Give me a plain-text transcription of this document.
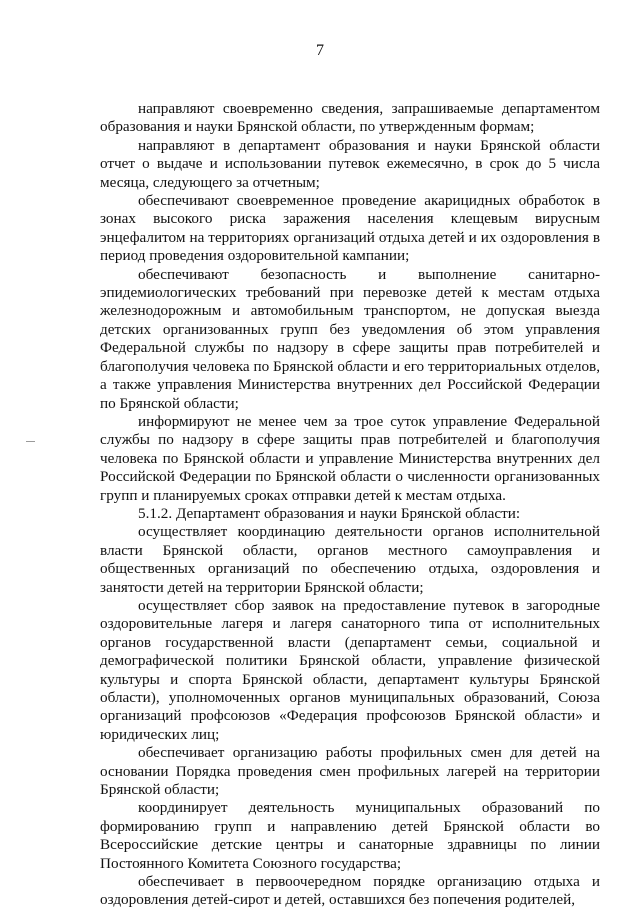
7

направляют своевременно сведения, запрашиваемые департаментом образования и науки Брянской области, по утвержденным формам;

направляют в департамент образования и науки Брянской области отчет о выдаче и использовании путевок ежемесячно, в срок до 5 числа месяца, следующего за отчетным;

обеспечивают своевременное проведение акарицидных обработок в зонах высокого риска заражения населения клещевым вирусным энцефалитом на территориях организаций отдыха детей и их оздоровления в период проведения оздоровительной кампании;

обеспечивают безопасность и выполнение санитарно-эпидемиологических требований при перевозке детей к местам отдыха железнодорожным и автомобильным транспортом, не допуская выезда детских организованных групп без уведомления об этом управления Федеральной службы по надзору в сфере защиты прав потребителей и благополучия человека по Брянской области и его территориальных отделов, а также управления Министерства внутренних дел Российской Федерации по Брянской области;

информируют не менее чем за трое суток управление Федеральной службы по надзору в сфере защиты прав потребителей и благополучия человека по Брянской области и управление Министерства внутренних дел Российской Федерации по Брянской области о численности организованных групп и планируемых сроках отправки детей к местам отдыха.

5.1.2. Департамент образования и науки Брянской области:

осуществляет координацию деятельности органов исполнительной власти Брянской области, органов местного самоуправления и общественных организаций по обеспечению отдыха, оздоровления и занятости детей на территории Брянской области;

осуществляет сбор заявок на предоставление путевок в загородные оздоровительные лагеря и лагеря санаторного типа от исполнительных органов государственной власти (департамент семьи, социальной и демографической политики Брянской области, управление физической культуры и спорта Брянской области, департамент культуры Брянской области), уполномоченных органов муниципальных образований, Союза организаций профсоюзов «Федерация профсоюзов Брянской области» и юридических лиц;

обеспечивает организацию работы профильных смен для детей на основании Порядка проведения смен профильных лагерей на территории Брянской области;

координирует деятельность муниципальных образований по формированию групп и направлению детей Брянской области во Всероссийские детские центры и санаторные здравницы по линии Постоянного Комитета Союзного государства;

обеспечивает в первоочередном порядке организацию отдыха и оздоровления детей-сирот и детей, оставшихся без попечения родителей,
